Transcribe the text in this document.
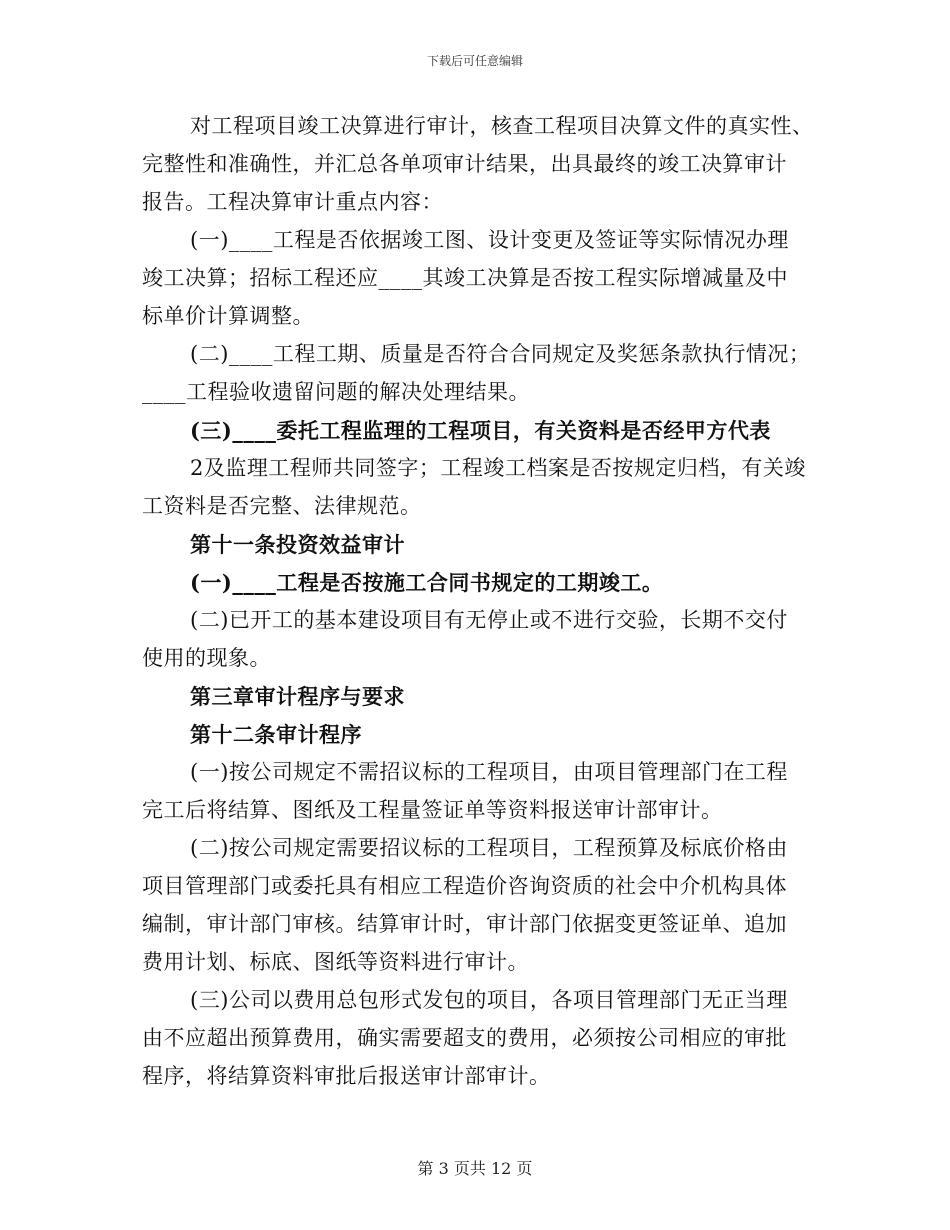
下载后可任意编辑
对工程项目竣工决算进行审计，核查工程项目决算文件的真实性、
完整性和准确性，并汇总各单项审计结果，出具最终的竣工决算审计
报告。工程决算审计重点内容：
(一)____工程是否依据竣工图、设计变更及签证等实际情况办理
竣工决算；招标工程还应____其竣工决算是否按工程实际增减量及中
标单价计算调整。
(二)____工程工期、质量是否符合合同规定及奖惩条款执行情况；
____工程验收遗留问题的解决处理结果。
(三)____委托工程监理的工程项目，有关资料是否经甲方代表
2及监理工程师共同签字；工程竣工档案是否按规定归档，有关竣
工资料是否完整、法律规范。
第十一条投资效益审计
(一)____工程是否按施工合同书规定的工期竣工。
(二)已开工的基本建设项目有无停止或不进行交验，长期不交付
使用的现象。
第三章审计程序与要求
第十二条审计程序
(一)按公司规定不需招议标的工程项目，由项目管理部门在工程
完工后将结算、图纸及工程量签证单等资料报送审计部审计。
(二)按公司规定需要招议标的工程项目，工程预算及标底价格由
项目管理部门或委托具有相应工程造价咨询资质的社会中介机构具体
编制，审计部门审核。结算审计时，审计部门依据变更签证单、追加
费用计划、标底、图纸等资料进行审计。
(三)公司以费用总包形式发包的项目，各项目管理部门无正当理
由不应超出预算费用，确实需要超支的费用，必须按公司相应的审批
程序，将结算资料审批后报送审计部审计。
第 3 页共 12 页
